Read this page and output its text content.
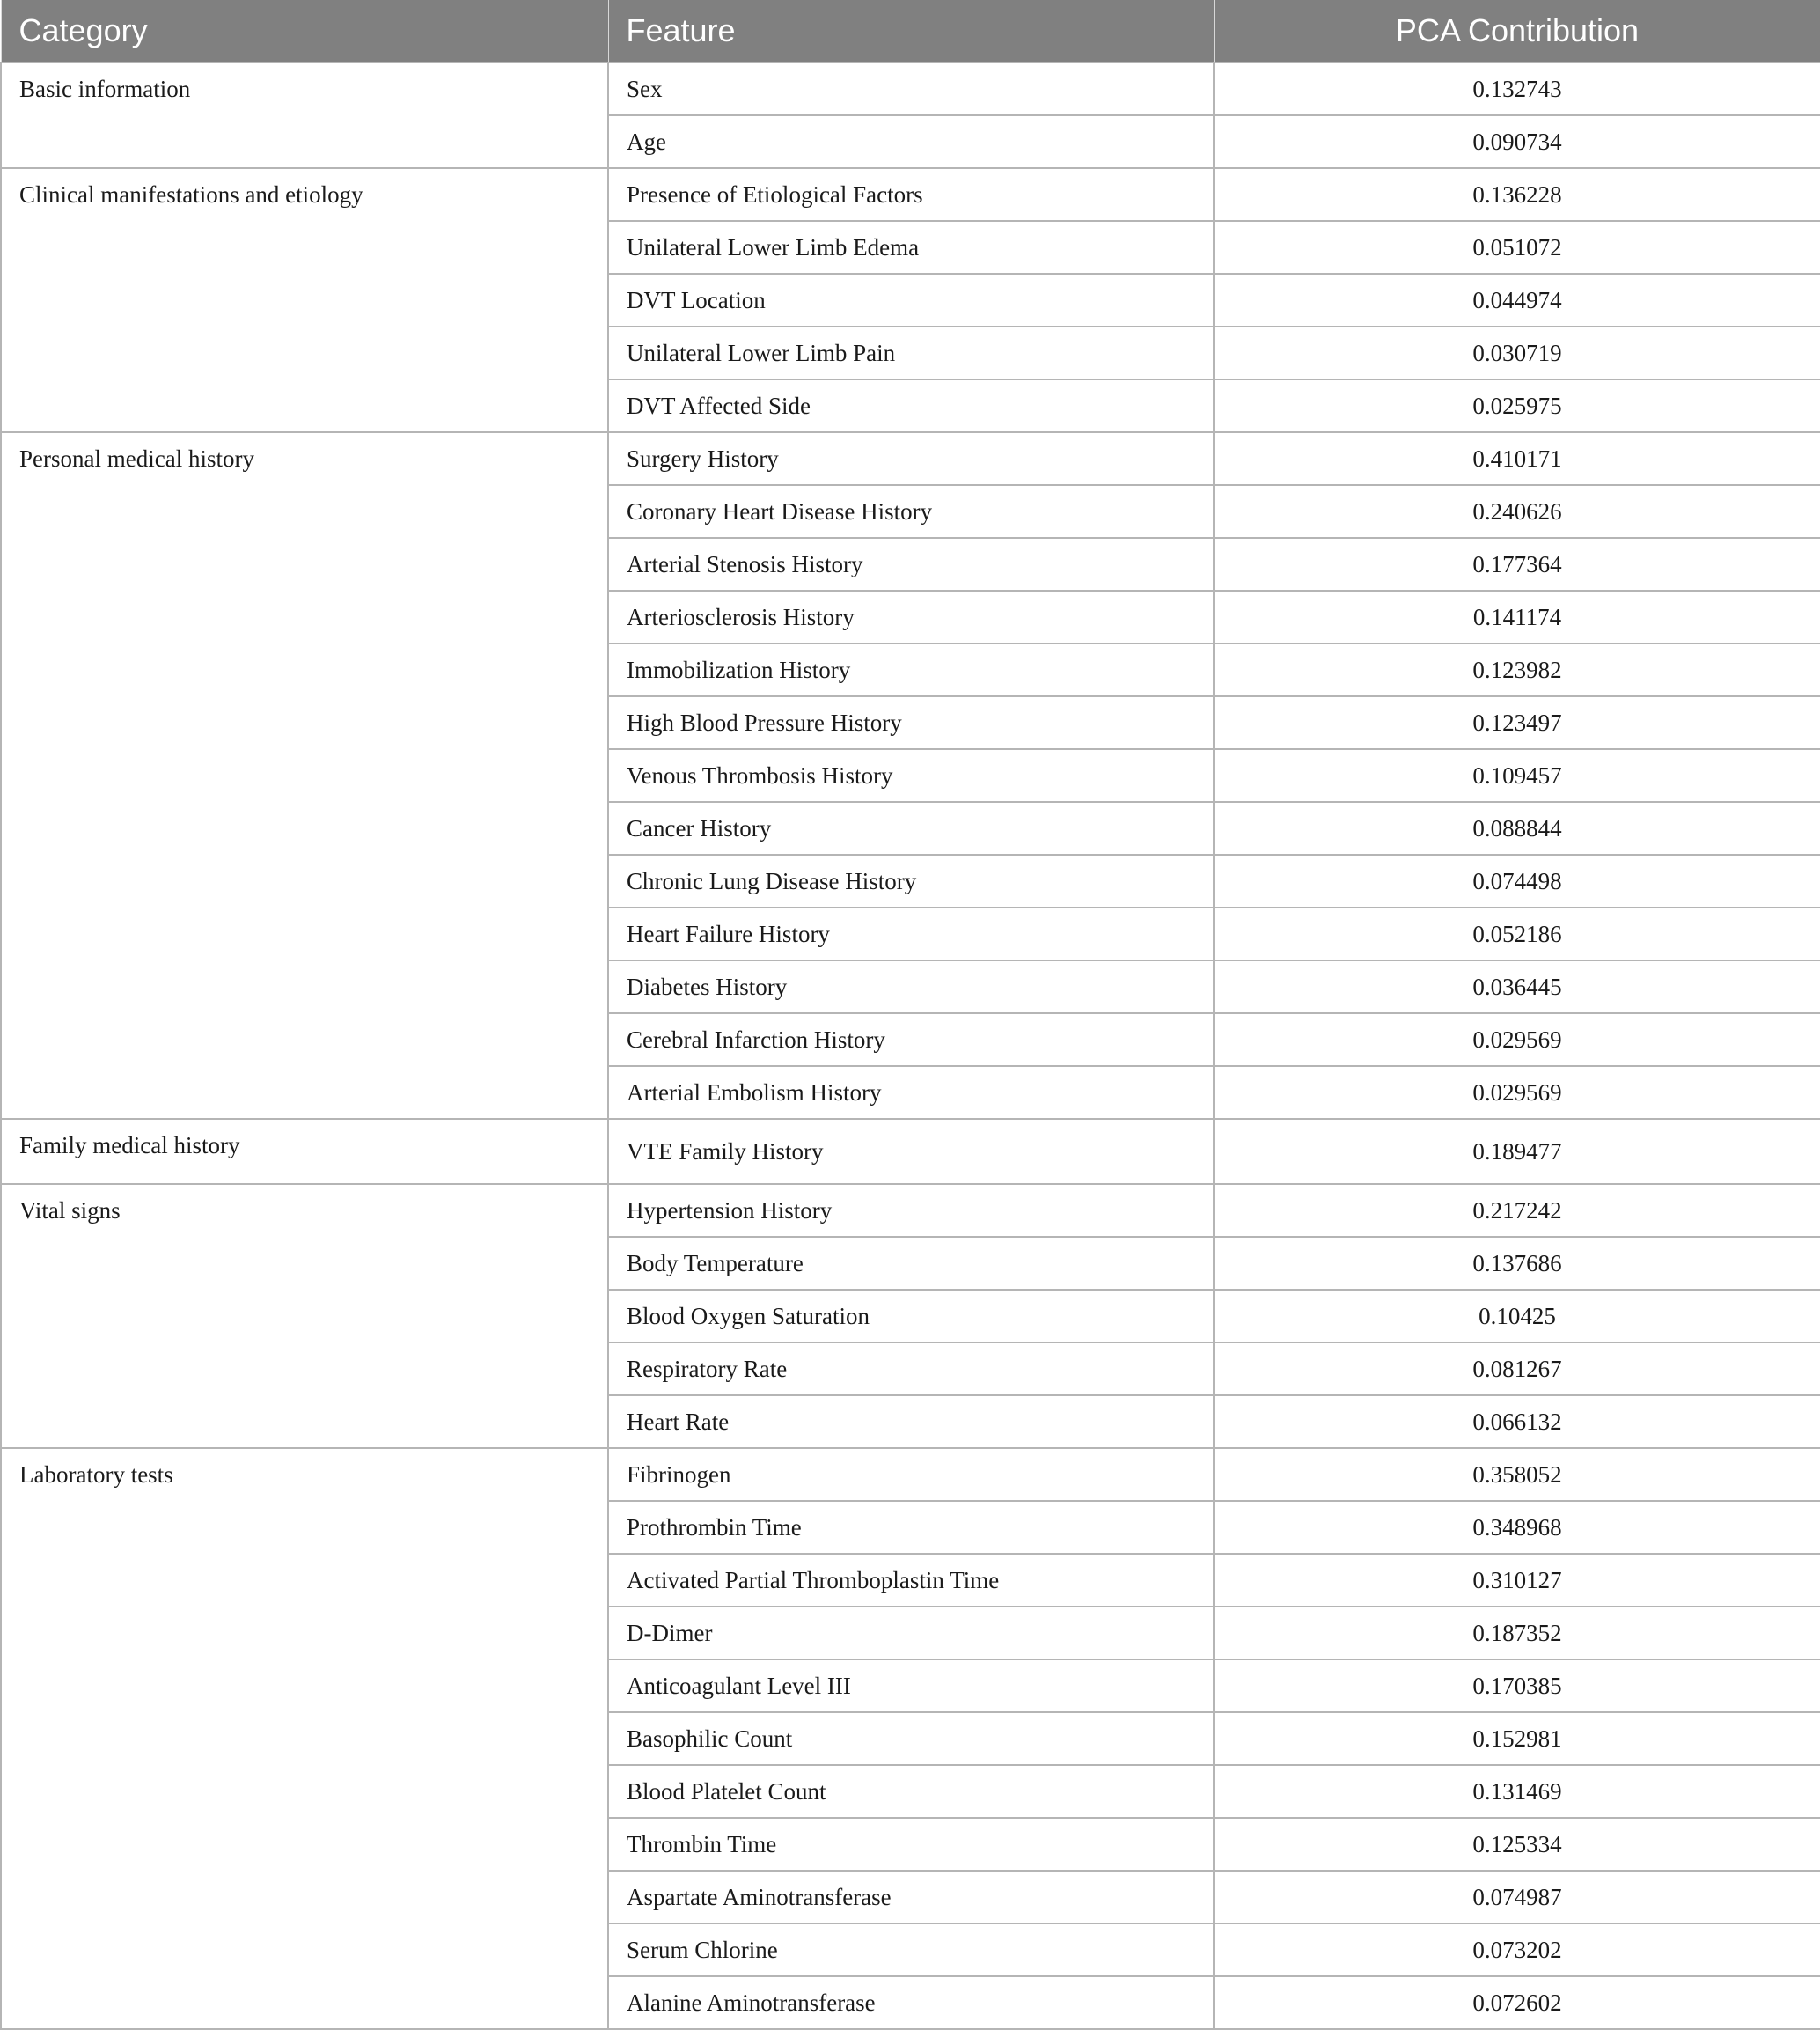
Category	Feature	PCA Contribution
Basic information	Sex	0.132743
	Age	0.090734
Clinical manifestations and etiology	Presence of Etiological Factors	0.136228
	Unilateral Lower Limb Edema	0.051072
	DVT Location	0.044974
	Unilateral Lower Limb Pain	0.030719
	DVT Affected Side	0.025975
Personal medical history	Surgery History	0.410171
	Coronary Heart Disease History	0.240626
	Arterial Stenosis History	0.177364
	Arteriosclerosis History	0.141174
	Immobilization History	0.123982
	High Blood Pressure History	0.123497
	Venous Thrombosis History	0.109457
	Cancer History	0.088844
	Chronic Lung Disease History	0.074498
	Heart Failure History	0.052186
	Diabetes History	0.036445
	Cerebral Infarction History	0.029569
	Arterial Embolism History	0.029569
Family medical history	VTE Family History	0.189477
Vital signs	Hypertension History	0.217242
	Body Temperature	0.137686
	Blood Oxygen Saturation	0.10425
	Respiratory Rate	0.081267
	Heart Rate	0.066132
Laboratory tests	Fibrinogen	0.358052
	Prothrombin Time	0.348968
	Activated Partial Thromboplastin Time	0.310127
	D-Dimer	0.187352
	Anticoagulant Level III	0.170385
	Basophilic Count	0.152981
	Blood Platelet Count	0.131469
	Thrombin Time	0.125334
	Aspartate Aminotransferase	0.074987
	Serum Chlorine	0.073202
	Alanine Aminotransferase	0.072602
